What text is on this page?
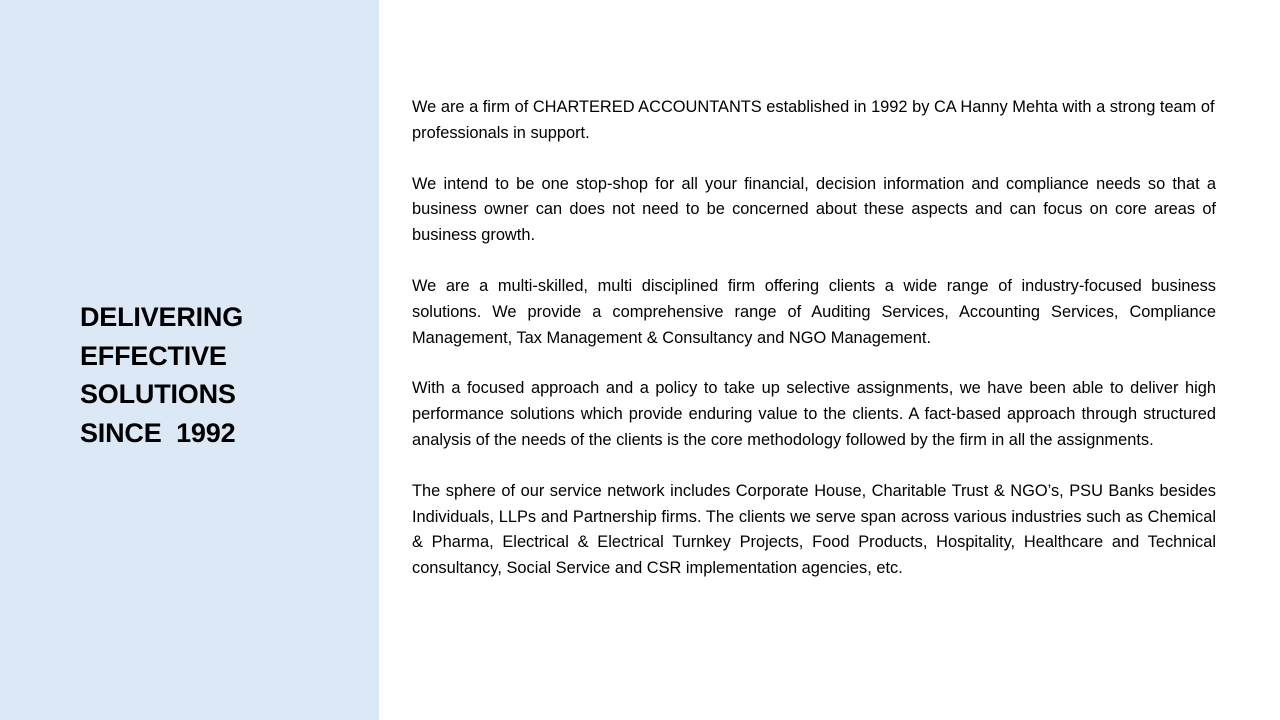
DELIVERING
EFFECTIVE
SOLUTIONS
SINCE  1992

We are a firm of CHARTERED ACCOUNTANTS established in 1992 by CA Hanny Mehta with a strong team of professionals in support.

We intend to be one stop-shop for all your financial, decision information and compliance needs so that a business owner can does not need to be concerned about these aspects and can focus on core areas of business growth.

We are a multi-skilled, multi disciplined firm offering clients a wide range of industry-focused business solutions. We provide a comprehensive range of Auditing Services, Accounting Services, Compliance Management, Tax Management & Consultancy and NGO Management.

With a focused approach and a policy to take up selective assignments, we have been able to deliver high performance solutions which provide enduring value to the clients. A fact-based approach through structured analysis of the needs of the clients is the core methodology followed by the firm in all the assignments.

The sphere of our service network includes Corporate House, Charitable Trust & NGO’s, PSU Banks besides Individuals, LLPs and Partnership firms. The clients we serve span across various industries such as Chemical & Pharma, Electrical & Electrical Turnkey Projects, Food Products, Hospitality, Healthcare and Technical consultancy, Social Service and CSR implementation agencies, etc.
